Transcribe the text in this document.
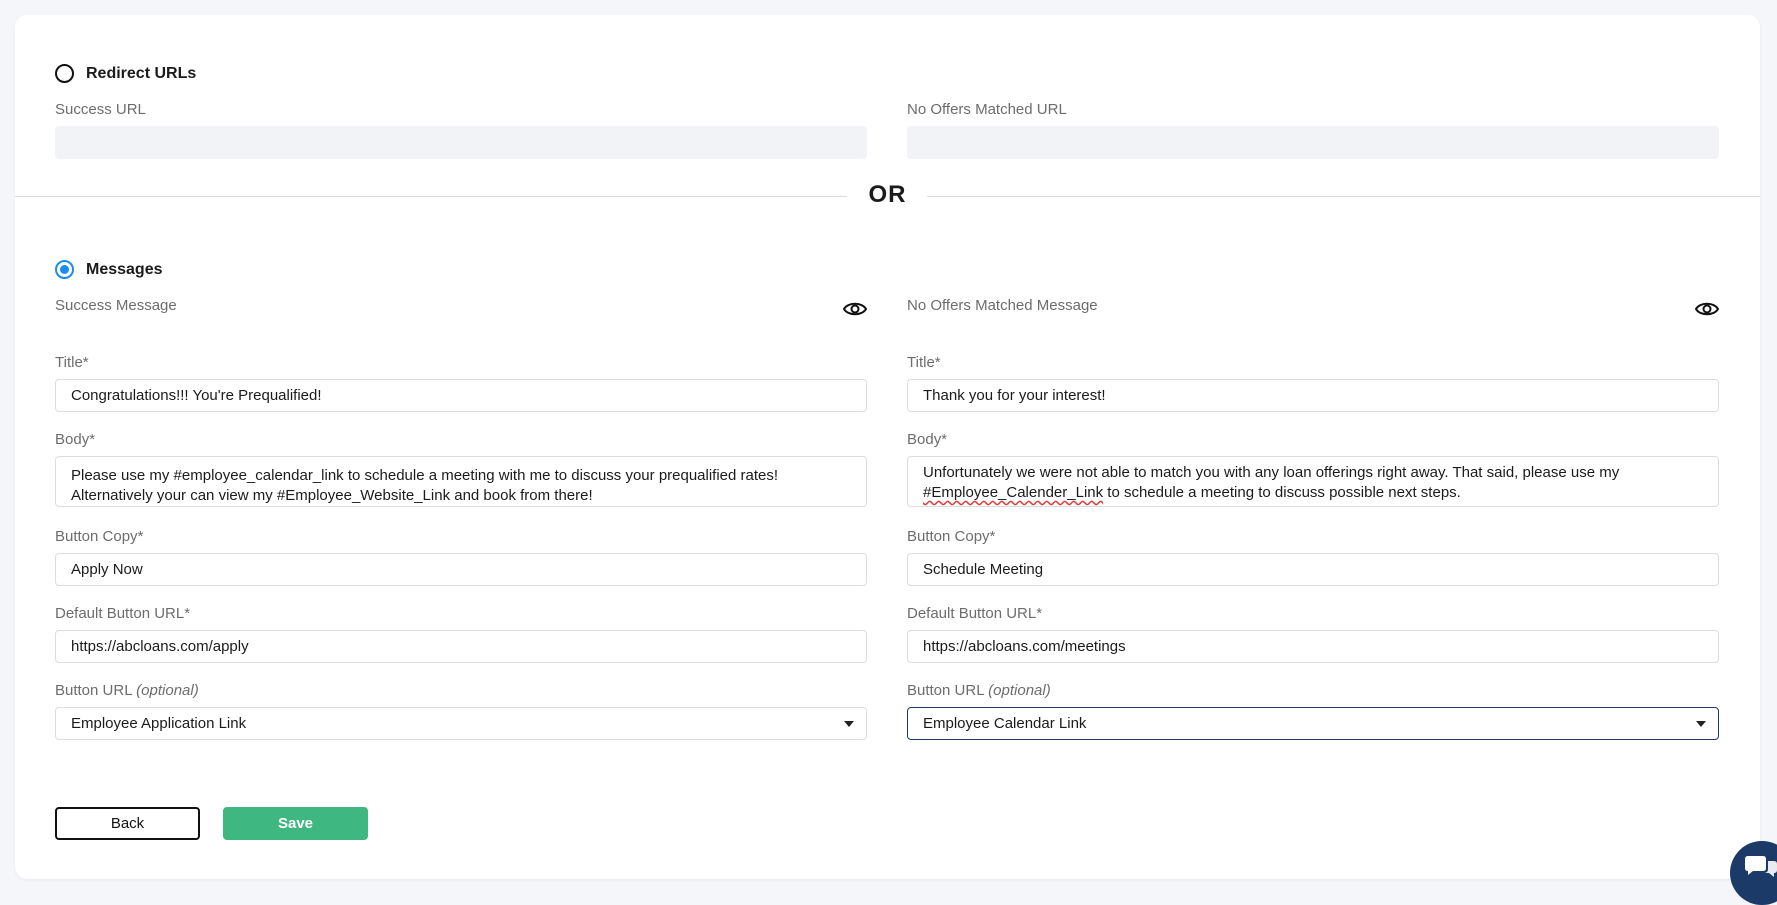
Redirect URLs
Success URL	No Offers Matched URL
OR
Messages
Success Message
Title*
Congratulations!!! You're Prequalified!
Body*
Please use my #employee_calendar_link to schedule a meeting with me to discuss your prequalified rates! Alternatively your can view my #Employee_Website_Link and book from there!
Button Copy*
Apply Now
Default Button URL*
https://abcloans.com/apply
Button URL (optional)
Employee Application Link
No Offers Matched Message
Title*
Thank you for your interest!
Body*
Unfortunately we were not able to match you with any loan offerings right away. That said, please use my
#Employee_Calender_Link to schedule a meeting to discuss possible next steps.
Button Copy*
Schedule Meeting
Default Button URL*
https://abcloans.com/meetings
Button URL (optional)
Employee Calendar Link
Back	Save
